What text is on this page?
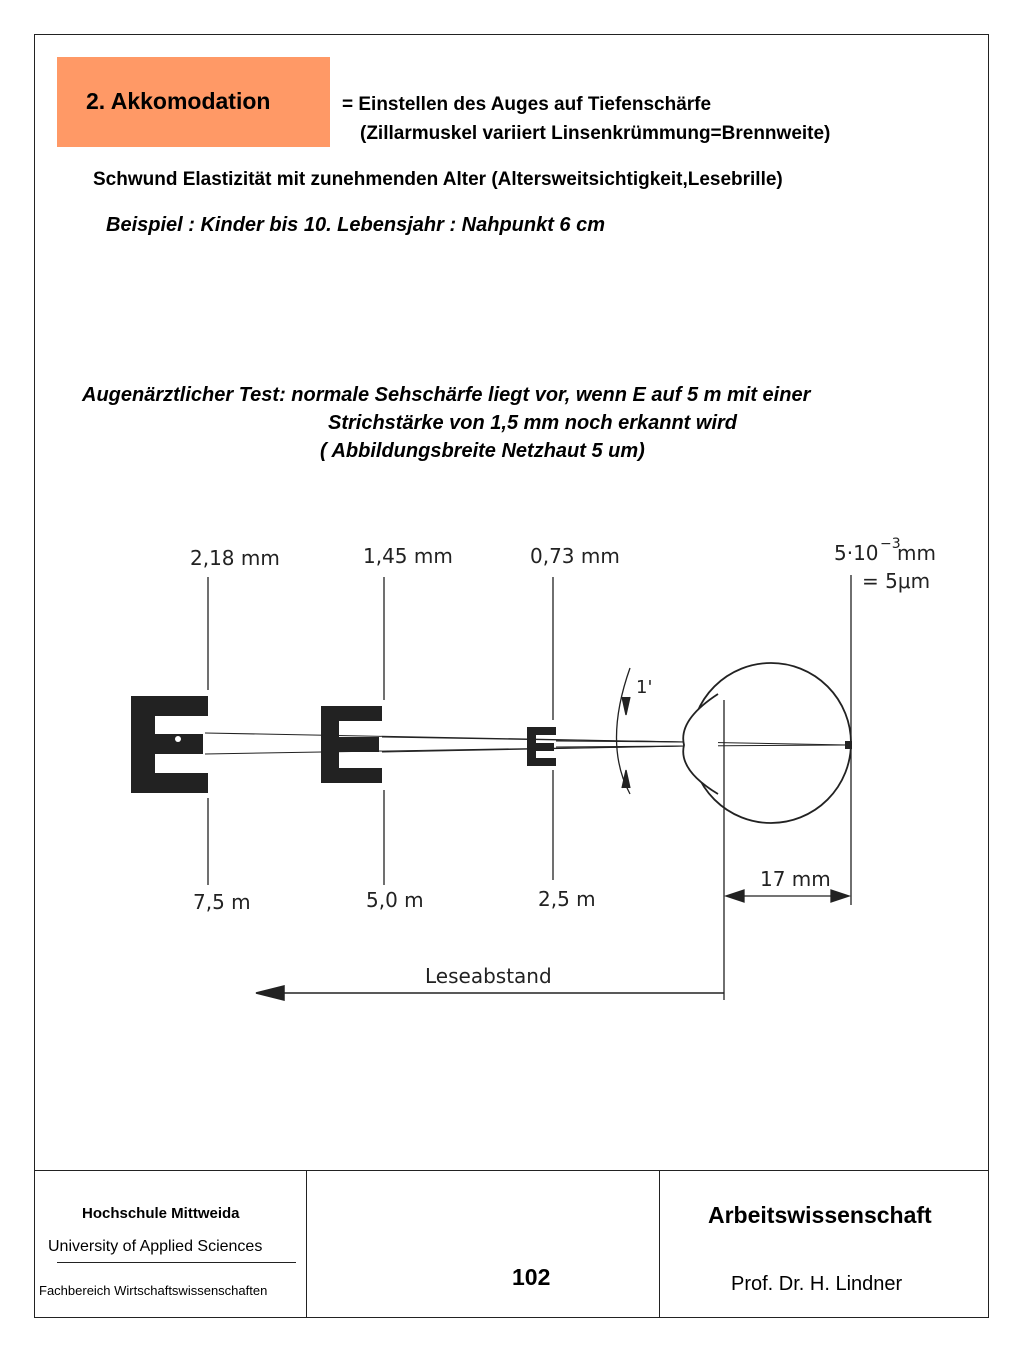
2. Akkomodation	= Einstellen des Auges auf Tiefenschärfe
(Zillarmuskel variiert Linsenkrümmung=Brennweite)
Schwund Elastizität mit zunehmenden Alter (Altersweitsichtigkeit,Lesebrille)
Beispiel : Kinder bis 10. Lebensjahr : Nahpunkt 6 cm
Augenärztlicher Test: normale Sehschärfe liegt vor, wenn E auf 5 m mit einer
Strichstärke von 1,5 mm noch erkannt wird
( Abbildungsbreite Netzhaut 5 um)
2,18 mm	1,45 mm	0,73 mm
7,5 m	5,0 m	2,5 m
5·10 −3
mm
= 5μm
1'
17 mm
Leseabstand
Hochschule Mittweida
University of Applied Sciences
Fachbereich Wirtschaftswissenschaften
102
Arbeitswissenschaft
Prof. Dr. H. Lindner
